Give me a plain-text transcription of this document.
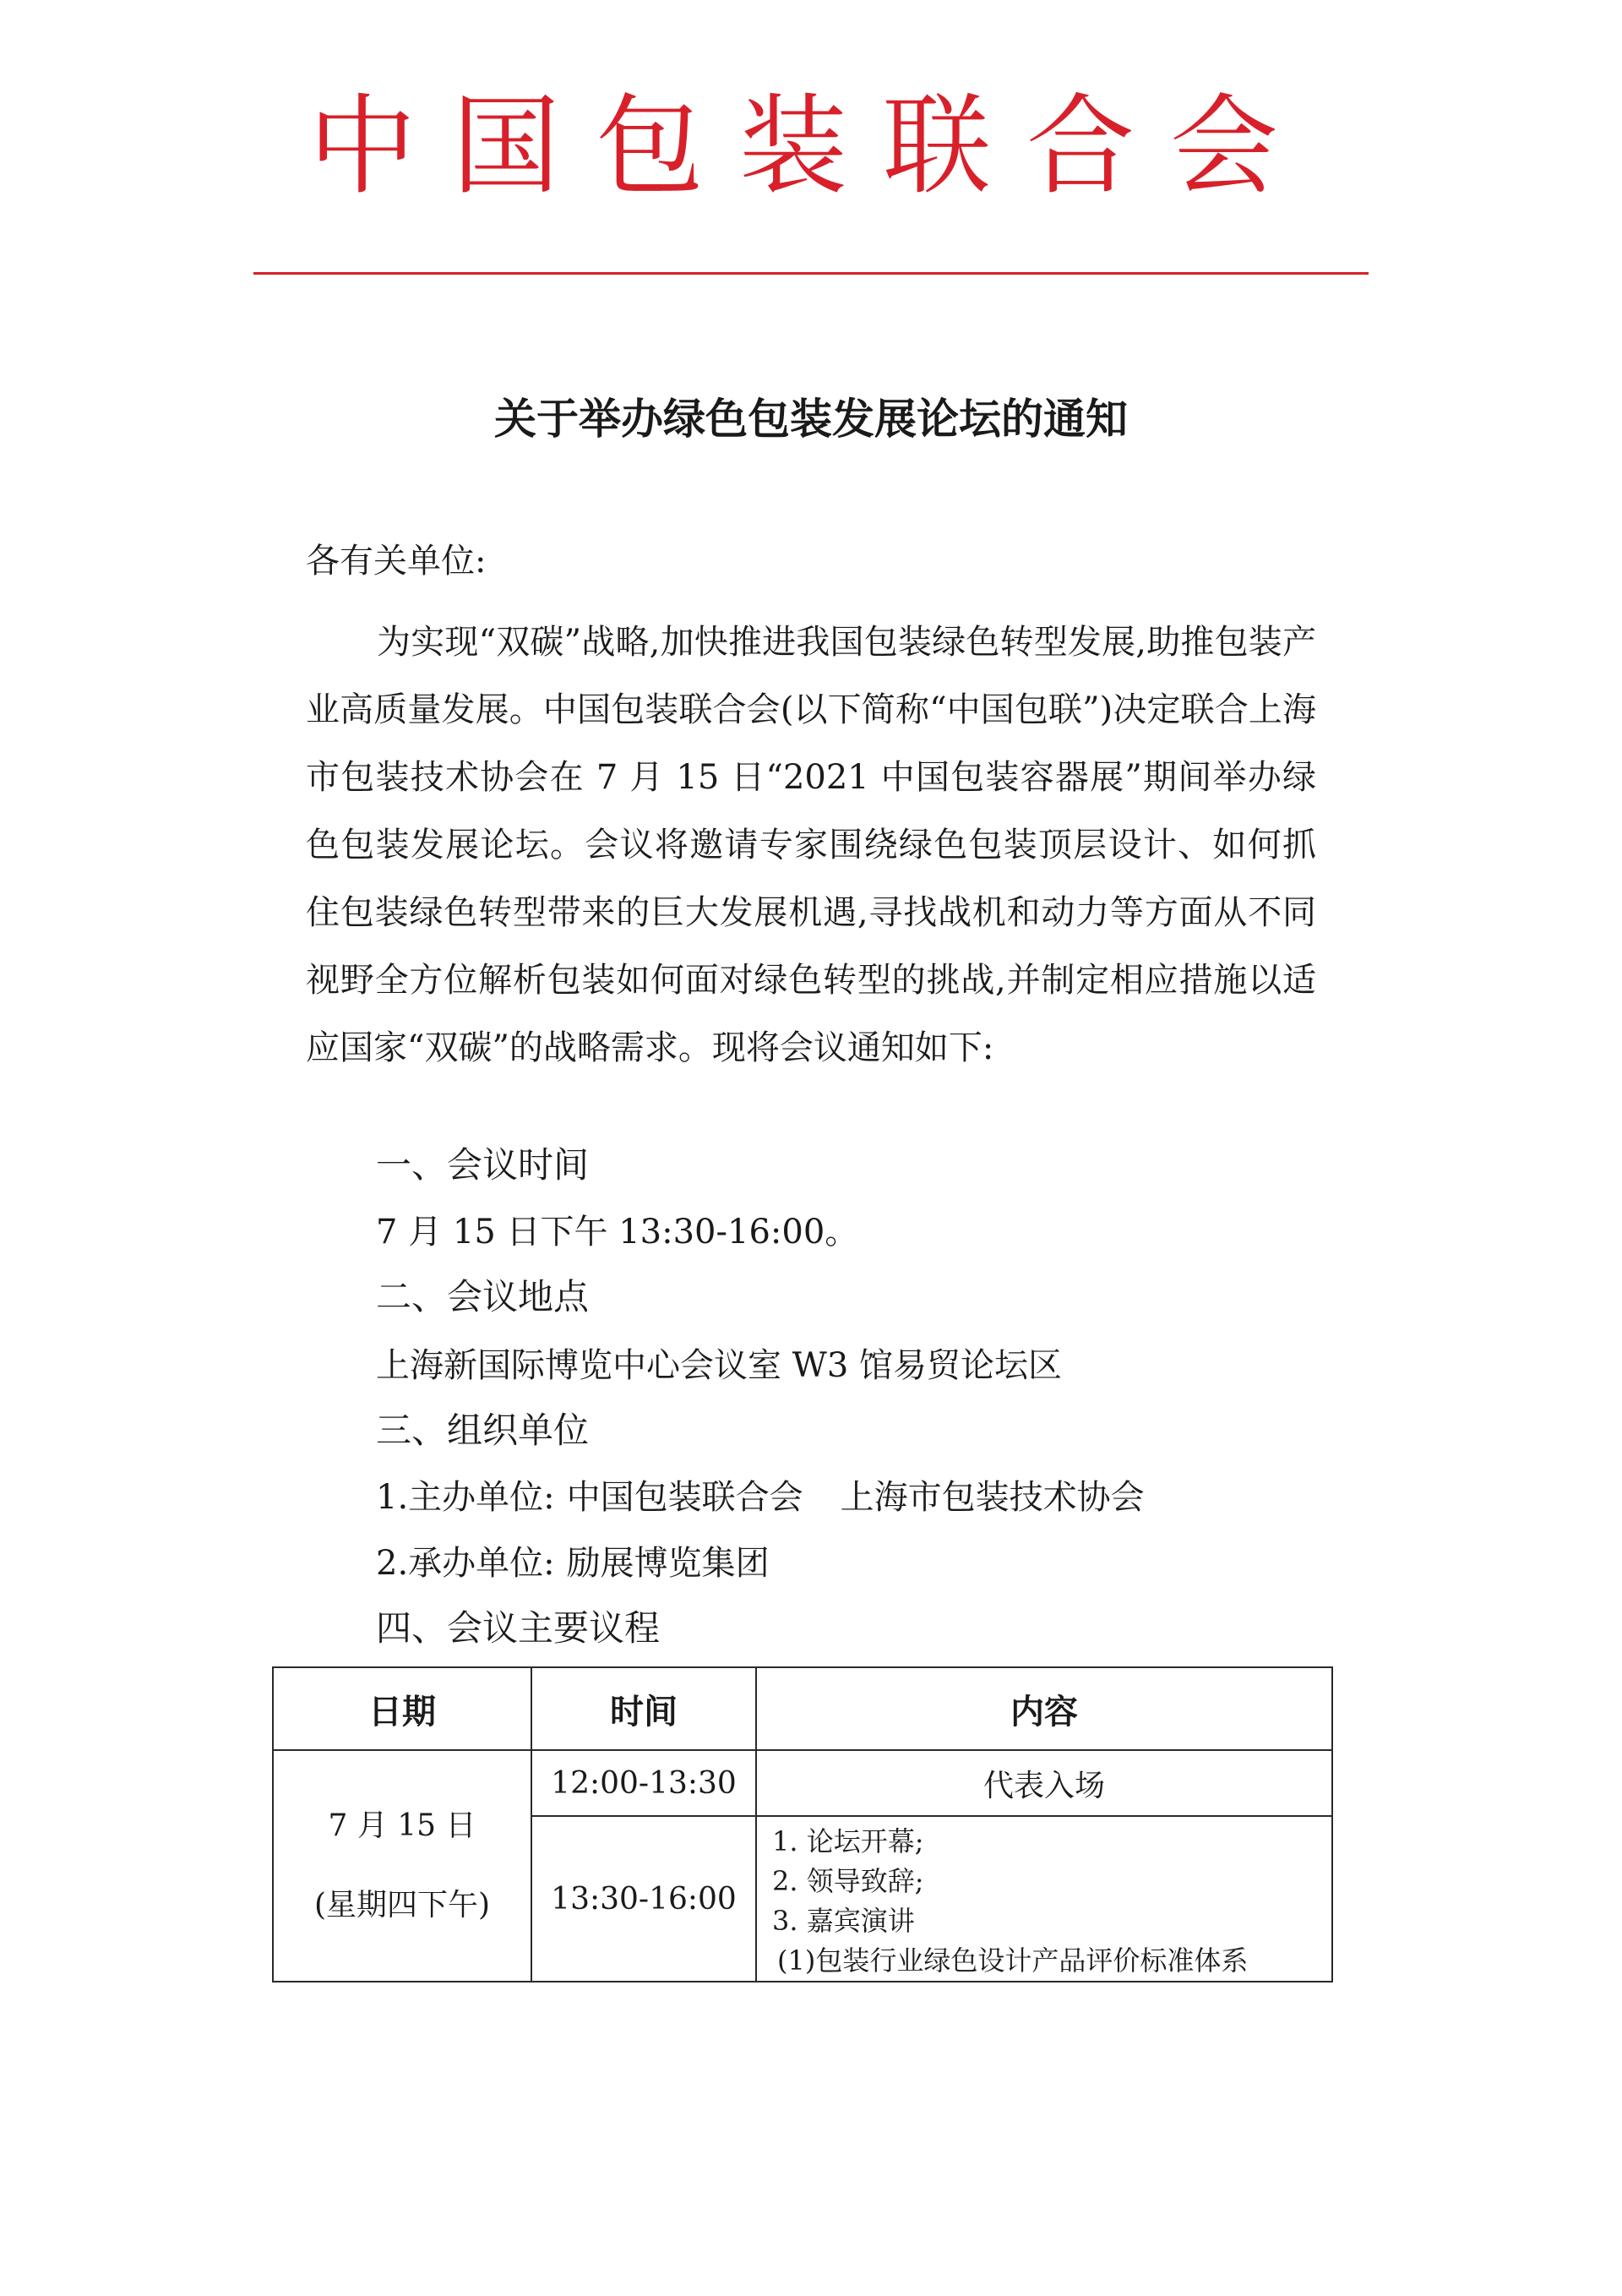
中国包装联合会
关于举办绿色包装发展论坛的通知
各有关单位:
为实现“双碳”战略,加快推进我国包装绿色转型发展,助推包装产业高质量发展。中国包装联合会(以下简称“中国包联”)决定联合上海市包装技术协会在 7 月 15 日“2021 中国包装容器展”期间举办绿色包装发展论坛。会议将邀请专家围绕绿色包装顶层设计、如何抓住包装绿色转型带来的巨大发展机遇,寻找战机和动力等方面从不同视野全方位解析包装如何面对绿色转型的挑战,并制定相应措施以适应国家“双碳”的战略需求。现将会议通知如下:
一、会议时间
7 月 15 日下午 13:30-16:00。
二、会议地点
上海新国际博览中心会议室 W3 馆易贸论坛区
三、组织单位
1.主办单位: 中国包装联合会 上海市包装技术协会
2.承办单位: 励展博览集团
四、会议主要议程
日期	时间	内容

7 月 15 日
(星期四下午)	12:00-13:30	代表入场
	13:30-16:00	1. 论坛开幕;
2. 领导致辞;
3. 嘉宾演讲
(1)包装行业绿色设计产品评价标准体系
